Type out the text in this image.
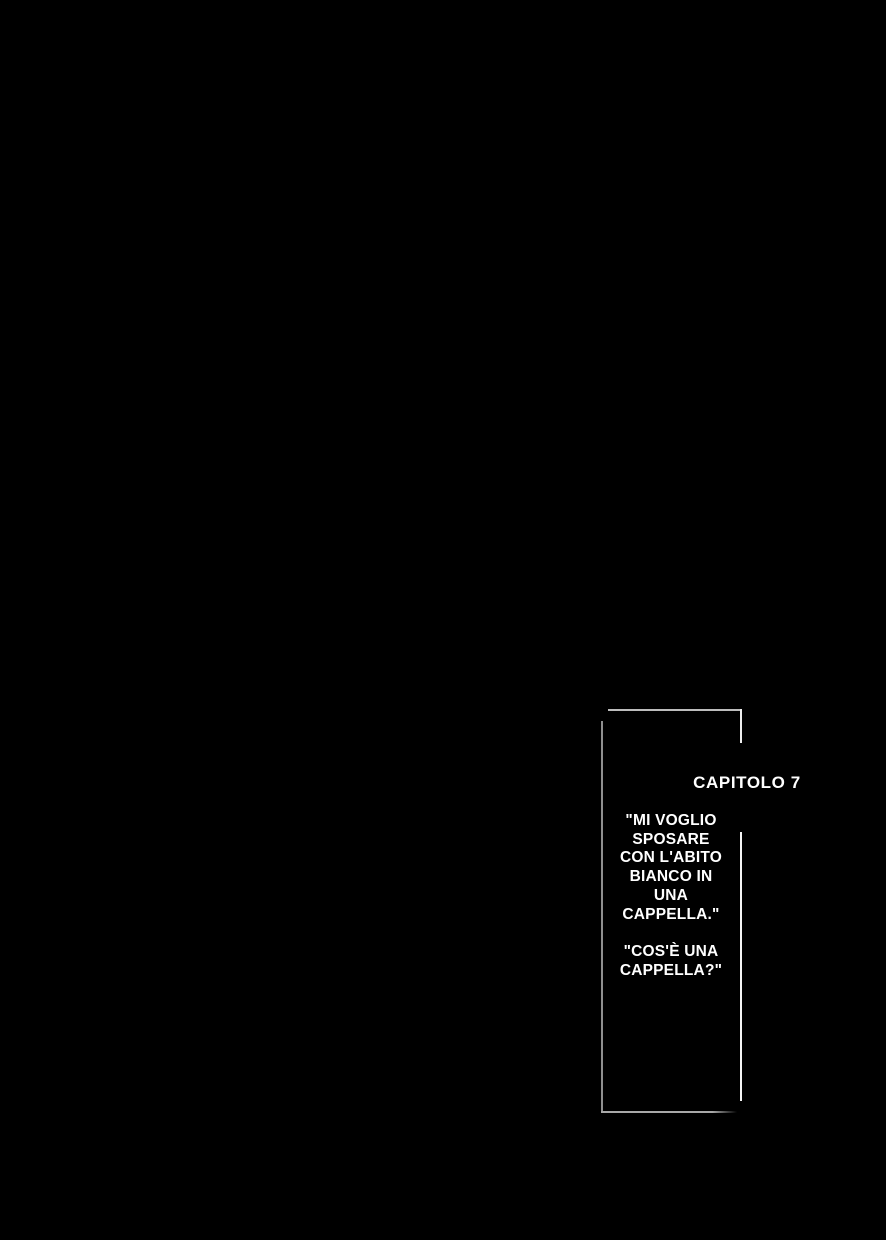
CAPITOLO 7
"MI VOGLIO
SPOSARE
CON L'ABITO
BIANCO IN
UNA
CAPPELLA."
"COS'È UNA
CAPPELLA?"
